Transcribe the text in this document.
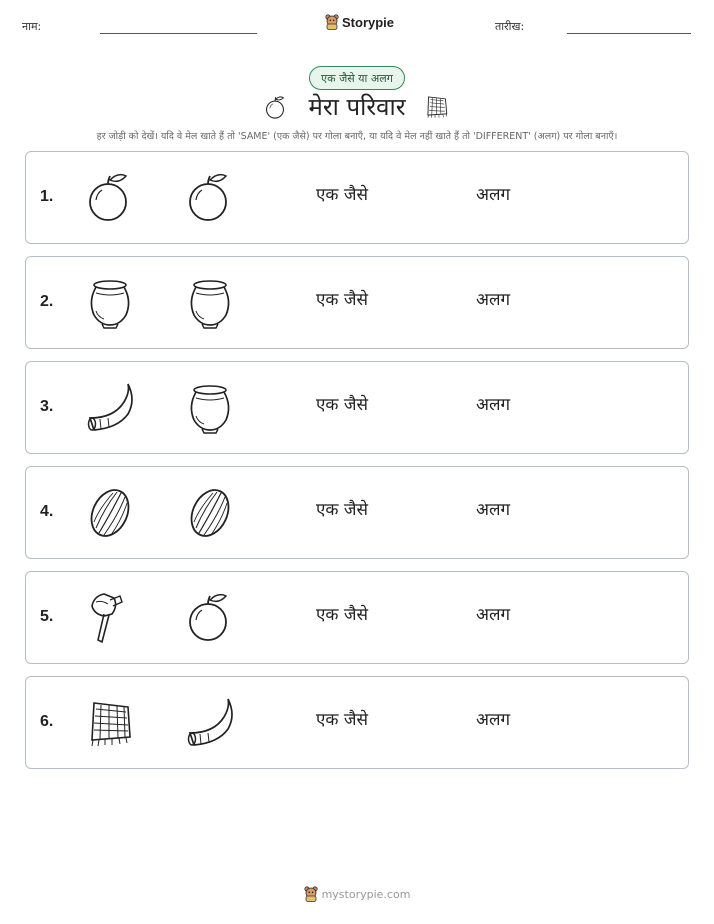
नाम:	Storypie	तारीख:
एक जैसे या अलग
मेरा परिवार
हर जोड़ी को देखें। यदि वे मेल खाते हैं तो 'SAME' (एक जैसे) पर गोला बनाएँ, या यदि वे मेल नहीं खाते हैं तो 'DIFFERENT' (अलग) पर गोला बनाएँ।
1.	एक जैसे	अलग
2.	एक जैसे	अलग
3.	एक जैसे	अलग
4.	एक जैसे	अलग
5.	एक जैसे	अलग
6.	एक जैसे	अलग
mystorypie.com
